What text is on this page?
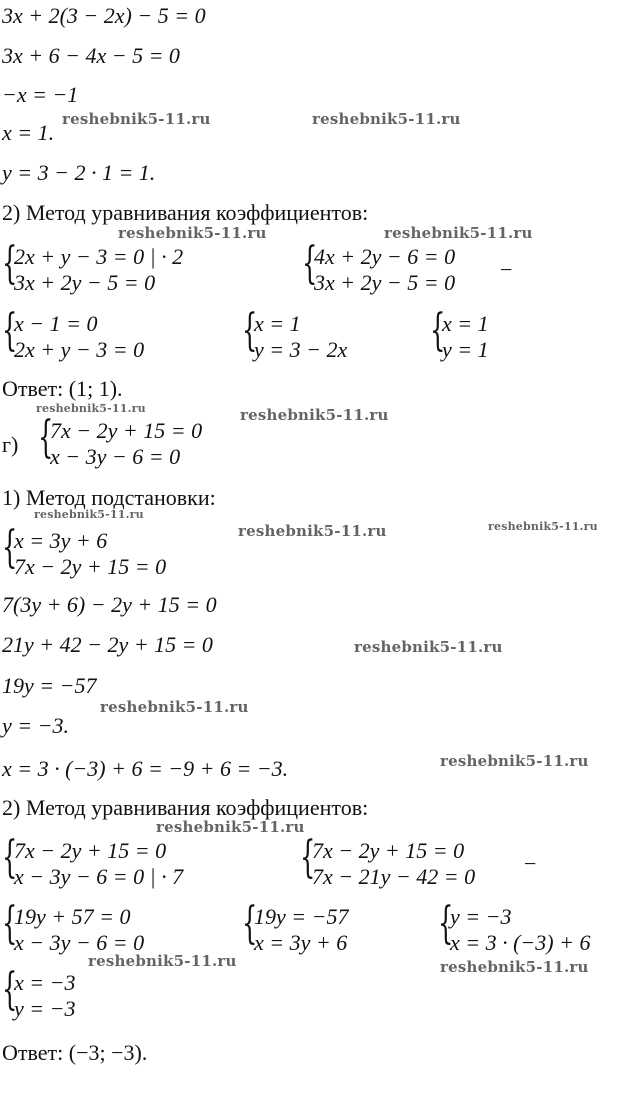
3x + 2(3 − 2x) − 5 = 0
3x + 6 − 4x − 5 = 0
−x = −1
x = 1.
y = 3 − 2 · 1 = 1.
2) Метод уравнивания коэффициентов:
{
2x + y − 3 = 0 | · 2
3x + 2y − 5 = 0	{
4x + 2y − 6 = 0
3x + 2y − 5 = 0
−
{
x − 1 = 0
2x + y − 3 = 0 {
x = 1
y = 3 − 2x {
x = 1
y = 1
Ответ: (1; 1).
г) {
7x − 2y + 15 = 0
x − 3y − 6 = 0
1) Метод подстановки:
{
x = 3y + 6
7x − 2y + 15 = 0
7(3y + 6) − 2y + 15 = 0
21y + 42 − 2y + 15 = 0
19y = −57
y = −3.
x = 3 · (−3) + 6 = −9 + 6 = −3.
2) Метод уравнивания коэффициентов:
{
7x − 2y + 15 = 0
x − 3y − 6 = 0 | · 7	{
7x − 2y + 15 = 0
7x − 21y − 42 = 0
−
{
19y + 57 = 0
x − 3y − 6 = 0 {
19y = −57
x = 3y + 6 {
y = −3
x = 3 · (−3) + 6
{
x = −3
y = −3
Ответ: (−3; −3).
reshebnik5-11.ru	reshebnik5-11.ru
reshebnik5-11.ru	reshebnik5-11.ru
reshebnik5-11.ru	reshebnik5-11.ru
reshebnik5-11.ru
reshebnik5-11.ru	reshebnik5-11.ru
reshebnik5-11.ru
reshebnik5-11.ru
reshebnik5-11.ru
reshebnik5-11.ru
reshebnik5-11.ru	reshebnik5-11.ru
